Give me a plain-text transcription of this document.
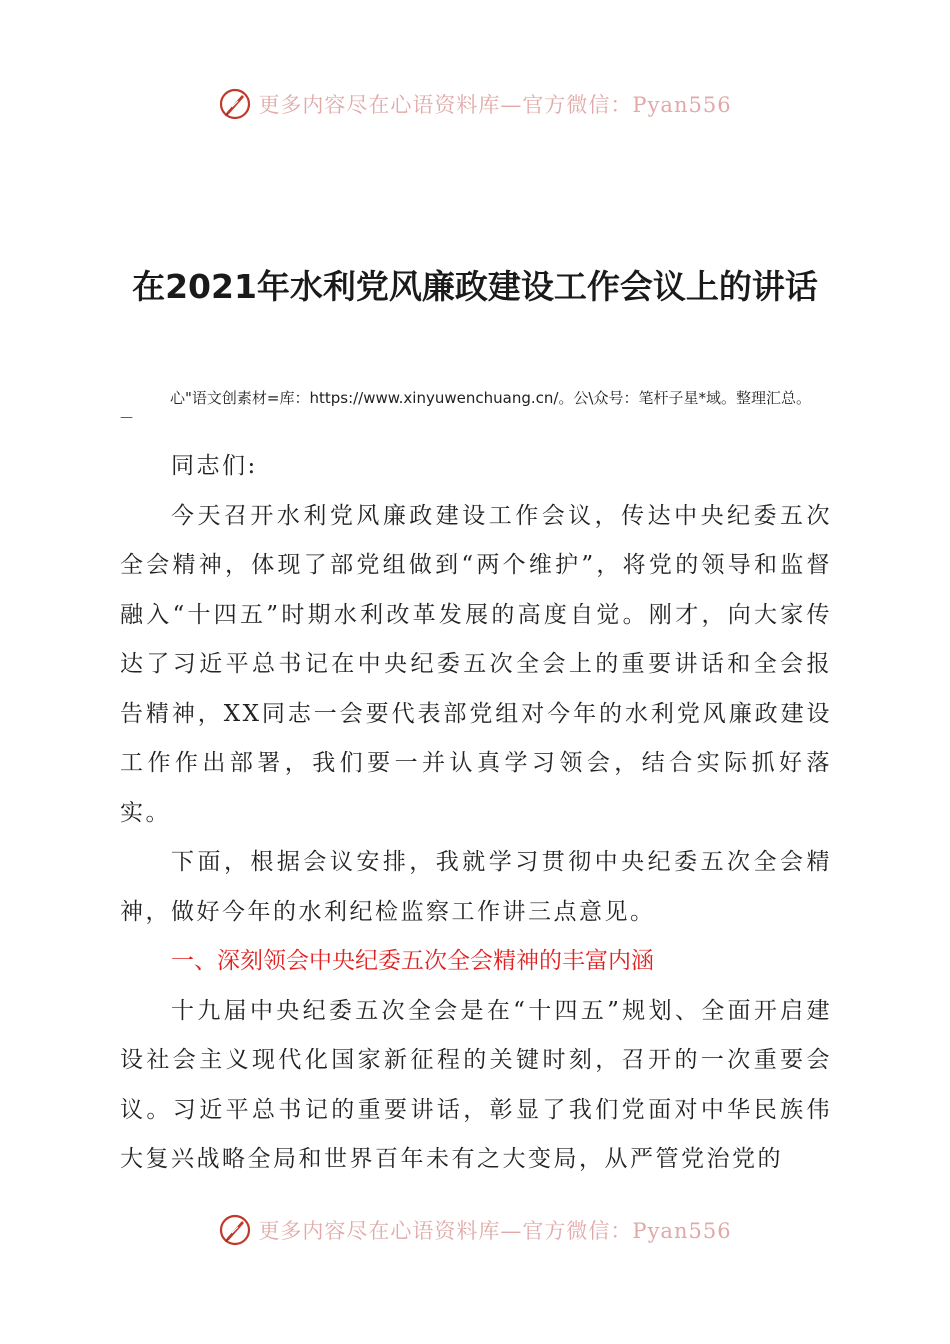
更多内容尽在心语资料库—官方微信：Pyan556
在2021年水利党风廉政建设工作会议上的讲话
心"语文创素材=库：https://www.xinyuwenchuang.cn/。公\众号：笔杆子星*域。整理汇总。
—

同志们:

今天召开水利党风廉政建设工作会议，传达中央纪委五次全会精神，体现了部党组做到“两个维护”，将党的领导和监督融入“十四五”时期水利改革发展的高度自觉。刚才，向大家传达了习近平总书记在中央纪委五次全会上的重要讲话和全会报告精神，XX同志一会要代表部党组对今年的水利党风廉政建设工作作出部署，我们要一并认真学习领会，结合实际抓好落实。

下面，根据会议安排，我就学习贯彻中央纪委五次全会精神，做好今年的水利纪检监察工作讲三点意见。

一、深刻领会中央纪委五次全会精神的丰富内涵

十九届中央纪委五次全会是在“十四五”规划、全面开启建设社会主义现代化国家新征程的关键时刻，召开的一次重要会议。习近平总书记的重要讲话，彰显了我们党面对中华民族伟大复兴战略全局和世界百年未有之大变局，从严管党治党的

更多内容尽在心语资料库—官方微信：Pyan556
